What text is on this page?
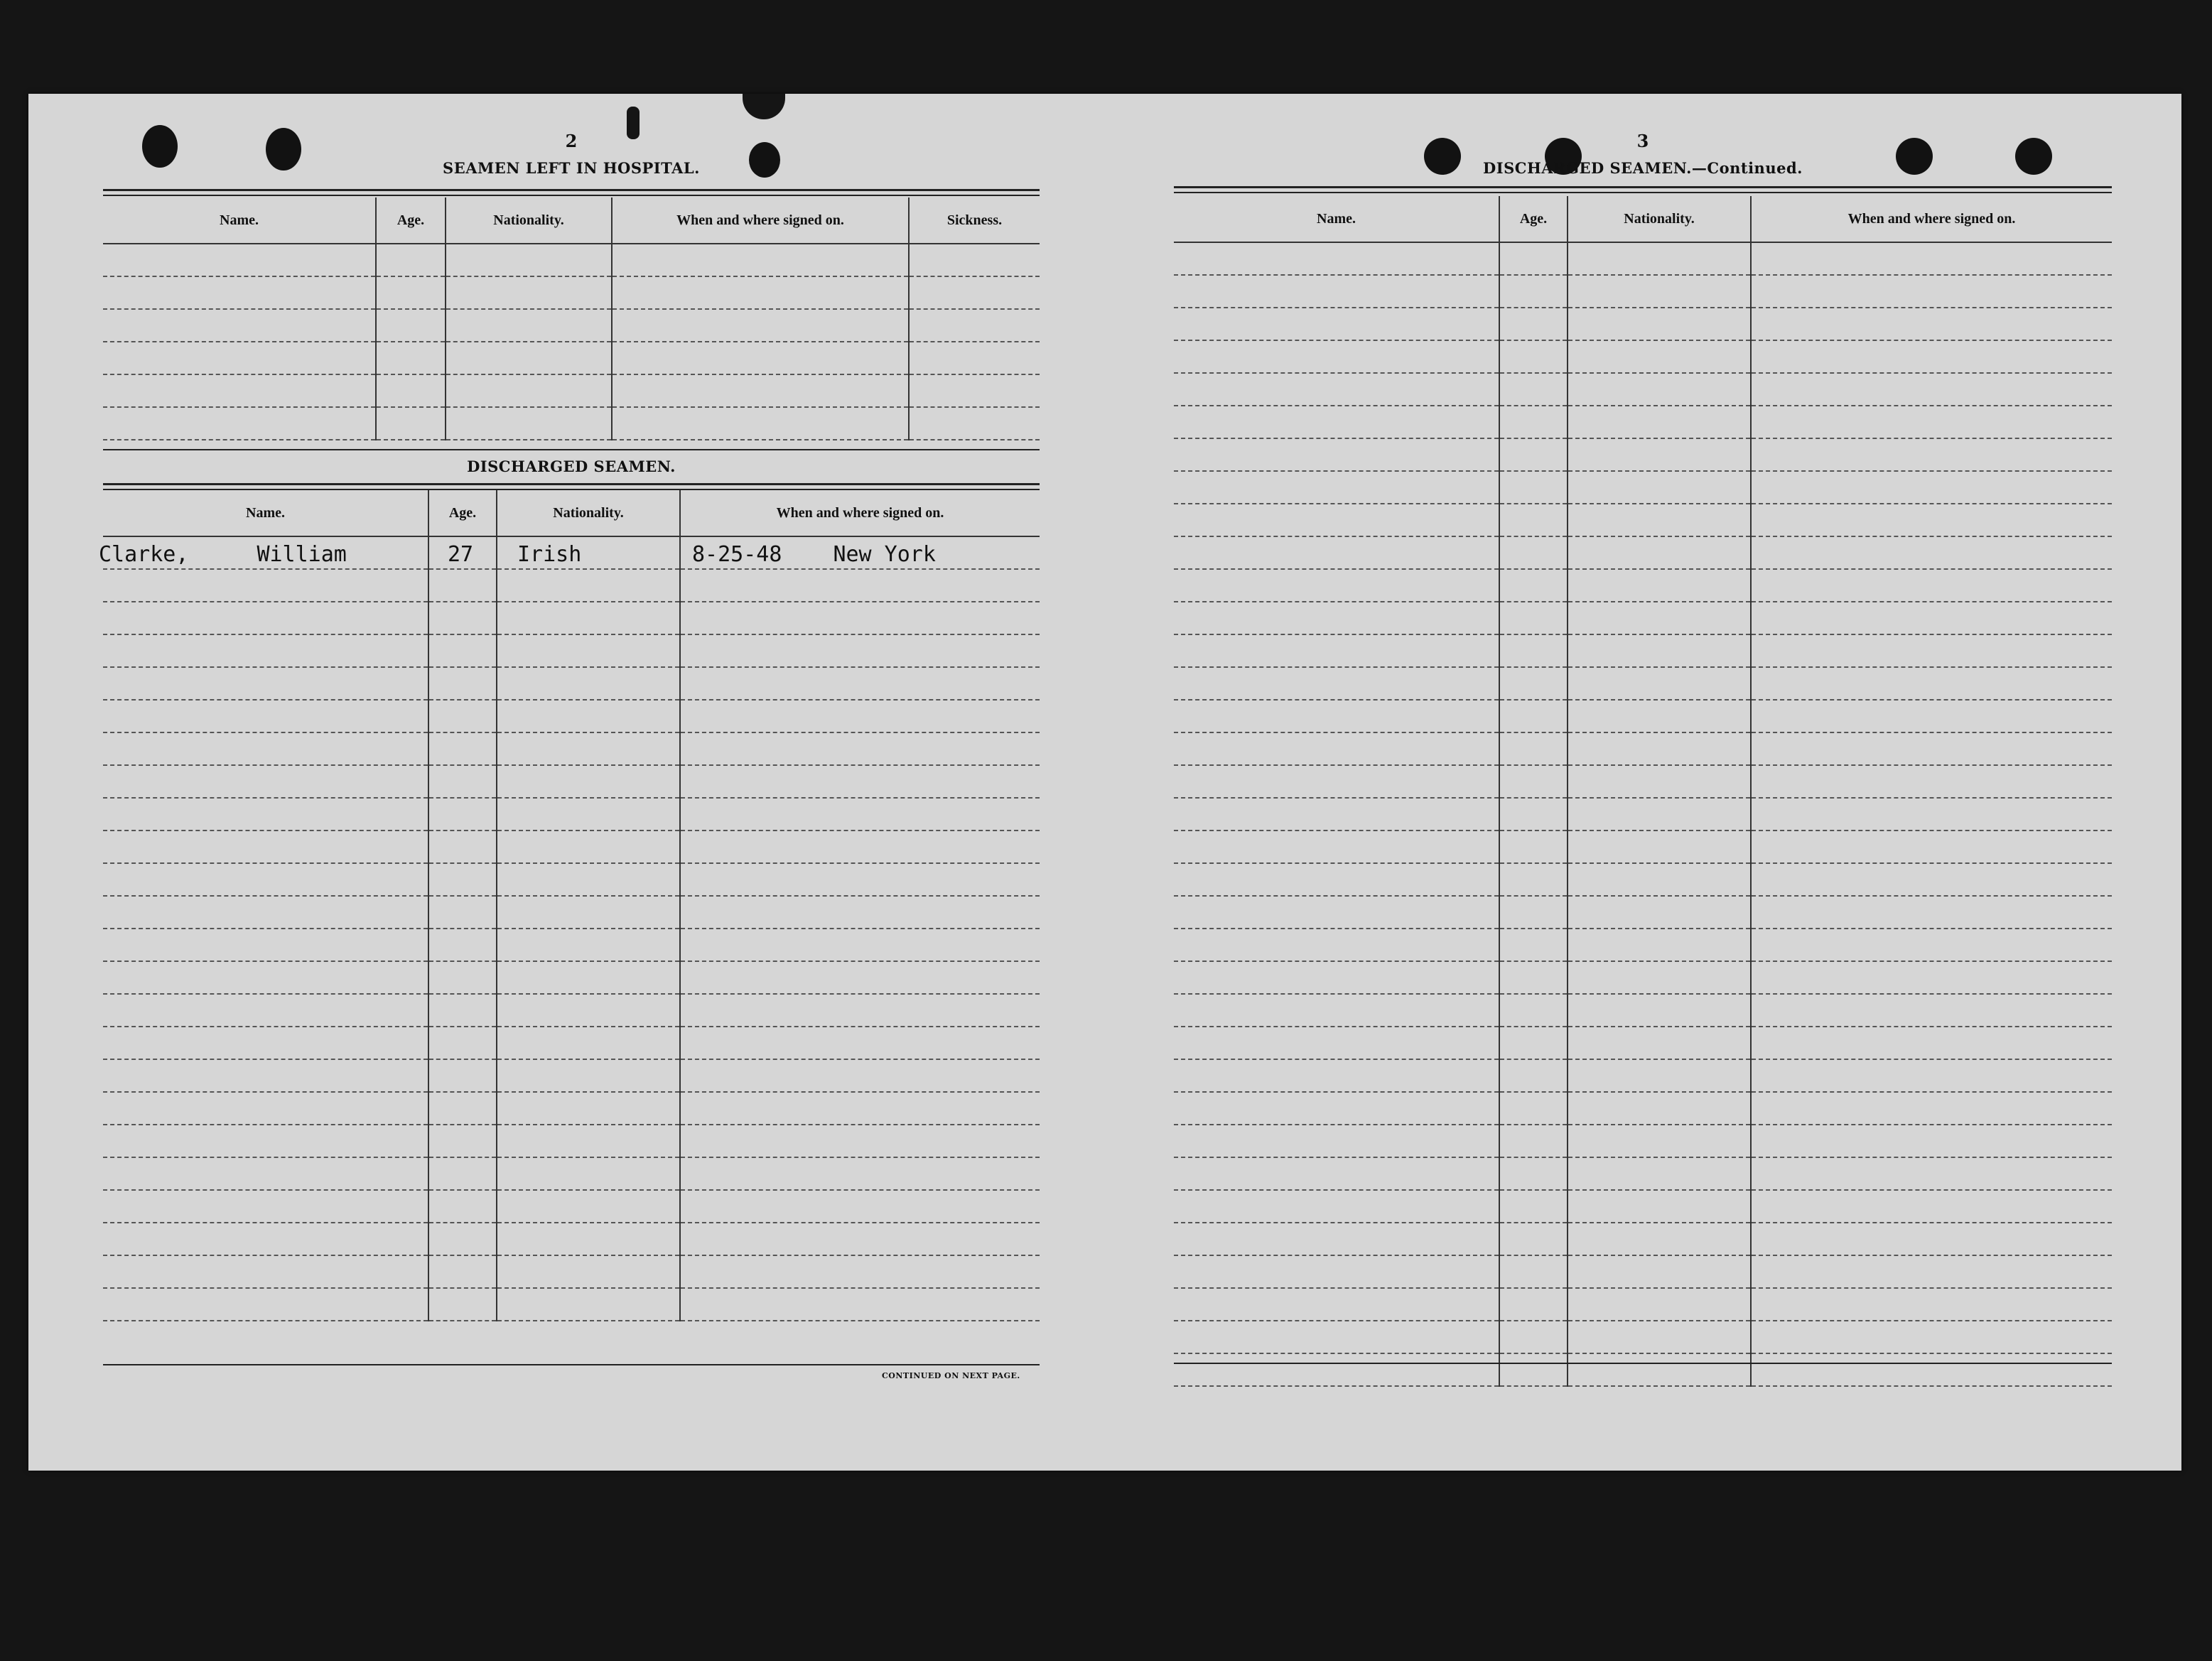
2
SEAMEN LEFT IN HOSPITAL.
Name.	Age.	Nationality.	When and where signed on.	Sickness.

DISCHARGED SEAMEN.
Name.	Age.	Nationality.	When and where signed on.
Clarke, William	27	Irish	8-25-48 New York

CONTINUED ON NEXT PAGE.
3
DISCHARGED SEAMEN.—Continued.
Name.	Age.	Nationality.	When and where signed on.
